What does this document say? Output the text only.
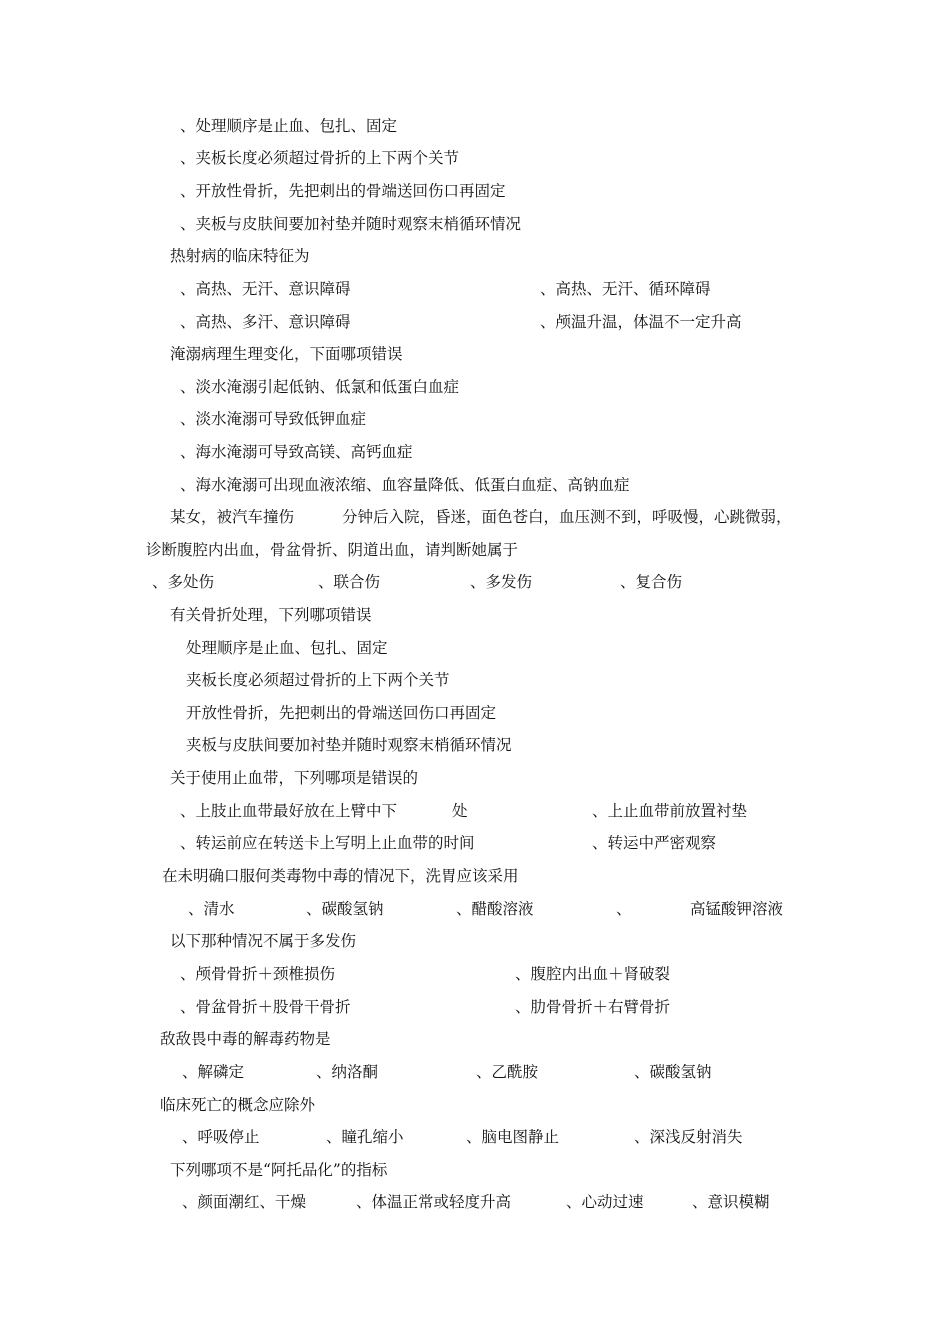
、处理顺序是止血、包扎、固定
、夹板长度必须超过骨折的上下两个关节
、开放性骨折，先把刺出的骨端送回伤口再固定
、夹板与皮肤间要加衬垫并随时观察末梢循环情况
热射病的临床特征为
、高热、无汗、意识障碍	、高热、无汗、循环障碍
、高热、多汗、意识障碍	、颅温升温，体温不一定升高
淹溺病理生理变化，下面哪项错误
、淡水淹溺引起低钠、低氯和低蛋白血症
、淡水淹溺可导致低钾血症
、海水淹溺可导致高镁、高钙血症
、海水淹溺可出现血液浓缩、血容量降低、低蛋白血症、高钠血症
某女，被汽车撞伤	分钟后入院，昏迷，面色苍白，血压测不到，呼吸慢，心跳微弱，
诊断腹腔内出血，骨盆骨折、阴道出血，请判断她属于
、多处伤	、联合伤	、多发伤	、复合伤
有关骨折处理，下列哪项错误
处理顺序是止血、包扎、固定
夹板长度必须超过骨折的上下两个关节
开放性骨折，先把刺出的骨端送回伤口再固定
夹板与皮肤间要加衬垫并随时观察末梢循环情况
关于使用止血带，下列哪项是错误的
、上肢止血带最好放在上臂中下	处	、上止血带前放置衬垫
、转运前应在转送卡上写明上止血带的时间	、转运中严密观察
在未明确口服何类毒物中毒的情况下，洗胃应该采用
、清水	、碳酸氢钠	、醋酸溶液	、	高锰酸钾溶液
以下那种情况不属于多发伤
、颅骨骨折＋颈椎损伤	、腹腔内出血＋肾破裂
、骨盆骨折＋股骨干骨折	、肋骨骨折＋右臂骨折
敌敌畏中毒的解毒药物是
、解磷定	、纳洛酮	、乙酰胺	、碳酸氢钠
临床死亡的概念应除外
、呼吸停止	、瞳孔缩小	、脑电图静止	、深浅反射消失
下列哪项不是“阿托品化”的指标
、颜面潮红、干燥	、体温正常或轻度升高	、心动过速	、意识模糊
